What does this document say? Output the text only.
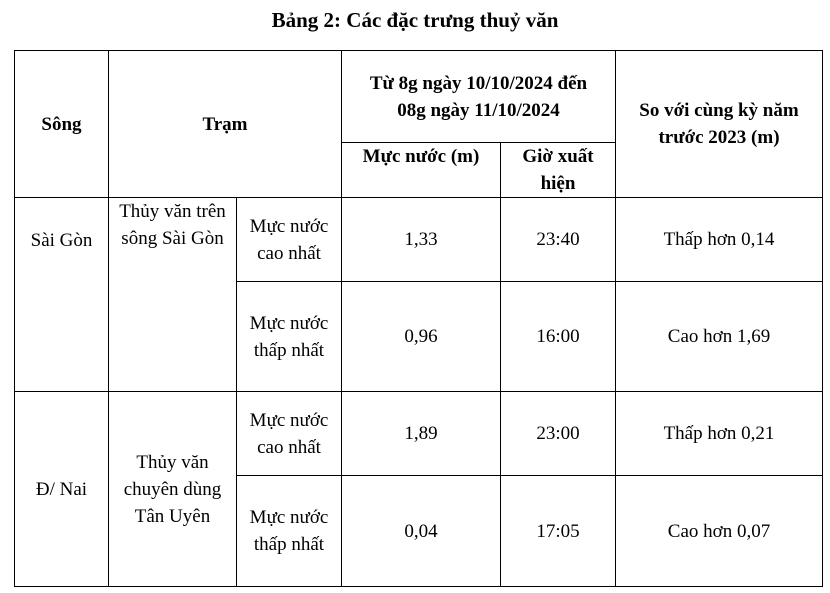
Bảng 2: Các đặc trưng thuỷ văn
Sông	Trạm		Từ 8g ngày 10/10/2024 đến 08g ngày 11/10/2024		So với cùng kỳ năm trước 2023 (m)
			Mực nước (m)	Giờ xuất hiện	
Sài Gòn	Thủy văn trên sông Sài Gòn	Mực nước cao nhất	1,33	23:40	Thấp hơn 0,14
		Mực nước thấp nhất	0,96	16:00	Cao hơn 1,69
Đ/ Nai	Thủy văn chuyên dùng Tân Uyên	Mực nước cao nhất	1,89	23:00	Thấp hơn 0,21
		Mực nước thấp nhất	0,04	17:05	Cao hơn 0,07
